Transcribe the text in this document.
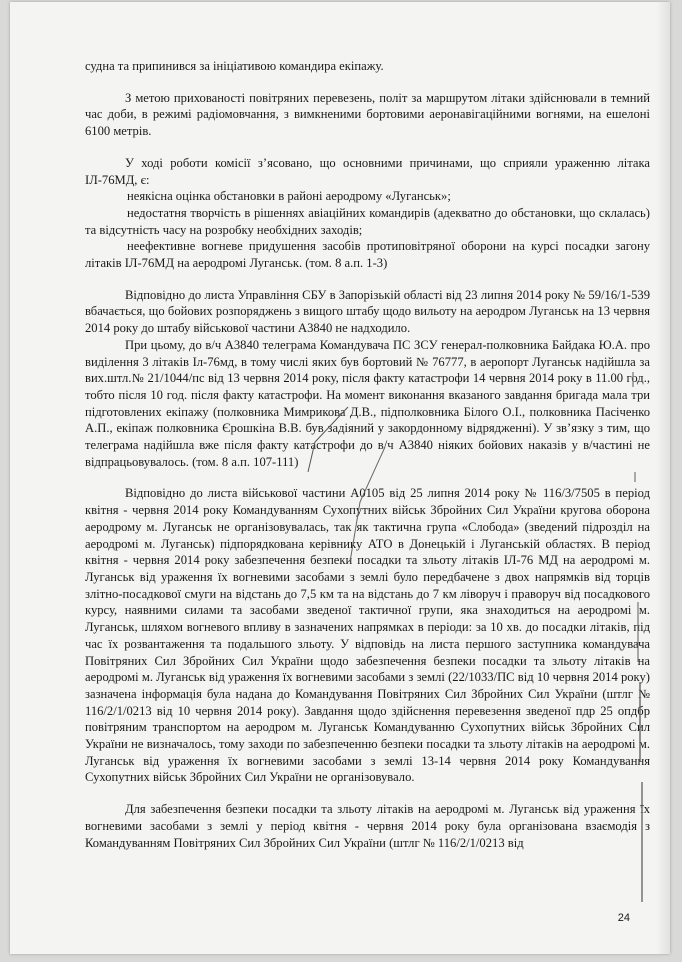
судна та припинився за ініціативою командира екіпажу.

З метою прихованості повітряних перевезень, політ за маршрутом літаки здійснювали в темний час доби, в режимі радіомовчання, з вимкненими бортовими аеронавігаційними вогнями, на ешелоні 6100 метрів.

У ході роботи комісії з’ясовано, що основними причинами, що сприяли ураженню літака ІЛ-76МД, є:

неякісна оцінка обстановки в районі аеродрому «Луганськ»;

недостатня творчість в рішеннях авіаційних командирів (адекватно до обстановки, що склалась) та відсутність часу на розробку необхідних заходів;

неефективне вогневе придушення засобів протиповітряної оборони на курсі посадки загону літаків ІЛ-76МД на аеродромі Луганськ. (том. 8 а.п. 1-3)

Відповідно до листа Управління СБУ в Запорізькій області від 23 липня 2014 року № 59/16/1-539 вбачається, що бойових розпоряджень з вищого штабу щодо вильоту на аеродром Луганськ на 13 червня 2014 року до штабу військової частини А3840 не надходило.

При цьому, до в/ч А3840 телеграма Командувача ПС ЗСУ генерал-полковника Байдака Ю.А. про виділення 3 літаків Іл-76мд, в тому числі яких був бортовий № 76777, в аеропорт Луганськ надійшла за вих.штл.№ 21/1044/пс від 13 червня 2014 року, після факту катастрофи 14 червня 2014 року в 11.00 год., тобто після 10 год. після факту катастрофи. На момент виконання вказаного завдання бригада мала три підготовлених екіпажу (полковника Мимрикова Д.В., підполковника Білого О.І., полковника Пасіченко А.П., екіпаж полковника Єрошкіна В.В. був задіяний у закордонному відрядженні). У зв’язку з тим, що телеграма надійшла вже після факту катастрофи до в/ч А3840 ніяких бойових наказів у в/частині не відпрацьовувалось. (том. 8 а.п. 107-111)

Відповідно до листа військової частини А0105 від 25 липня 2014 року № 116/3/7505 в період квітня - червня 2014 року Командуванням Сухопутних військ Збройних Сил України кругова оборона аеродрому м. Луганськ не організовувалась, так як тактична група «Слобода» (зведений підрозділ на аеродромі м. Луганськ) підпорядкована керівнику АТО в Донецькій і Луганській областях. В період квітня - червня 2014 року забезпечення безпеки посадки та зльоту літаків ІЛ-76 МД на аеродромі м. Луганськ від ураження їх вогневими засобами з землі було передбачене з двох напрямків від торців злітно-посадкової смуги на відстань до 7,5 км та на відстань до 7 км ліворуч і праворуч від посадкового курсу, наявними силами та засобами зведеної тактичної групи, яка знаходиться на аеродромі м. Луганськ, шляхом вогневого впливу в зазначених напрямках в періоди: за 10 хв. до посадки літаків, під час їх розвантаження та подальшого зльоту. У відповідь на листа першого заступника командувача Повітряних Сил Збройних Сил України щодо забезпечення безпеки посадки та зльоту літаків на аеродромі м. Луганськ від ураження їх вогневими засобами з землі (22/1033/ПС від 10 червня 2014 року) зазначена інформація була надана до Командування Повітряних Сил Збройних Сил України (штлг № 116/2/1/0213 від 10 червня 2014 року). Завдання щодо здійснення перевезення зведеної пдр 25 опдбр повітряним транспортом на аеродром м. Луганськ Командуванню Сухопутних військ Збройних Сил України не визначалось, тому заходи по забезпеченню безпеки посадки та зльоту літаків на аеродромі м. Луганськ від ураження їх вогневими засобами з землі 13-14 червня 2014 року Командування Сухопутних військ Збройних Сил України не організовувало.

Для забезпечення безпеки посадки та зльоту літаків на аеродромі м. Луганськ від ураження їх вогневими засобами з землі у період квітня - червня 2014 року була організована взаємодія з Командуванням Повітряних Сил Збройних Сил України (штлг № 116/2/1/0213 від

24
